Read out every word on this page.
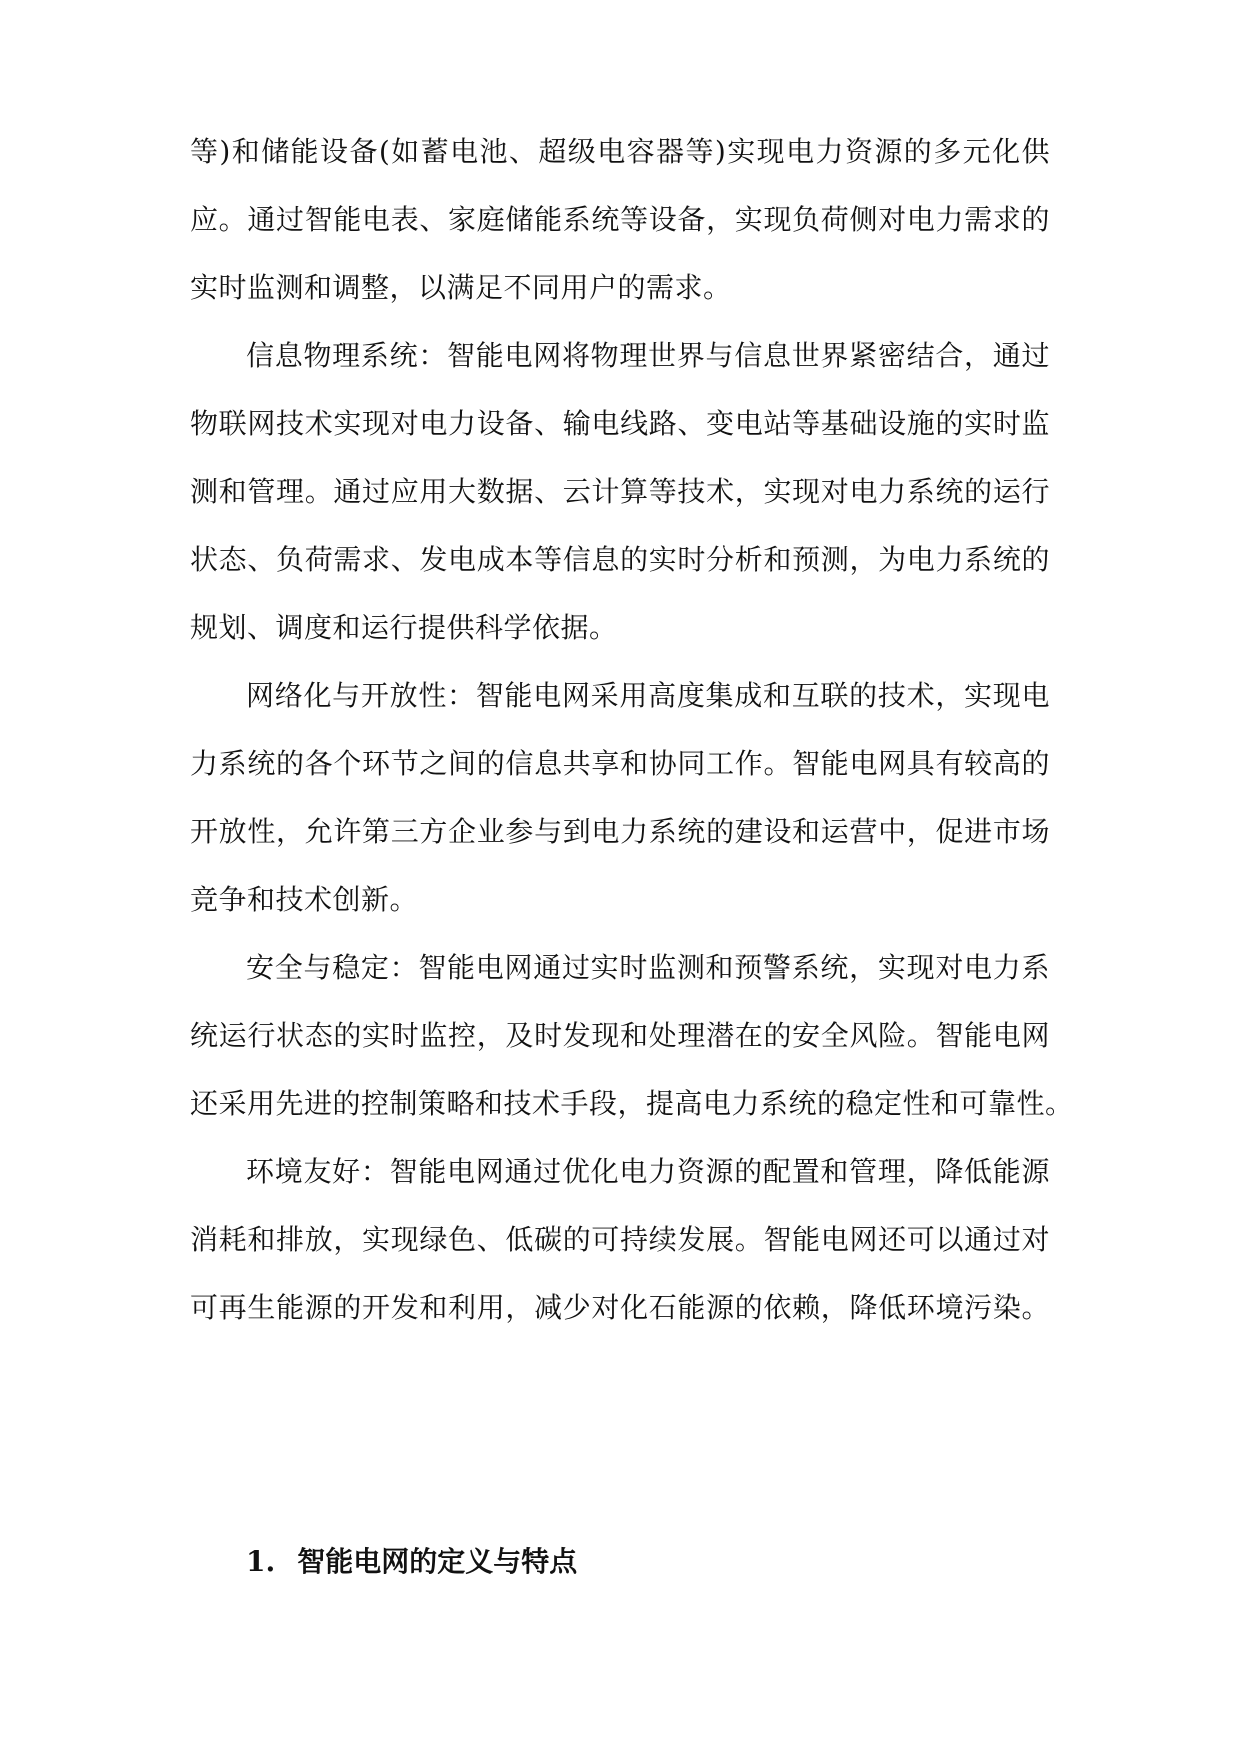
等)和储能设备(如蓄电池、超级电容器等)实现电力资源的多元化供
应。通过智能电表、家庭储能系统等设备，实现负荷侧对电力需求的
实时监测和调整，以满足不同用户的需求。
信息物理系统：智能电网将物理世界与信息世界紧密结合，通过
物联网技术实现对电力设备、输电线路、变电站等基础设施的实时监
测和管理。通过应用大数据、云计算等技术，实现对电力系统的运行
状态、负荷需求、发电成本等信息的实时分析和预测，为电力系统的
规划、调度和运行提供科学依据。
网络化与开放性：智能电网采用高度集成和互联的技术，实现电
力系统的各个环节之间的信息共享和协同工作。智能电网具有较高的
开放性，允许第三方企业参与到电力系统的建设和运营中，促进市场
竞争和技术创新。
安全与稳定：智能电网通过实时监测和预警系统，实现对电力系
统运行状态的实时监控，及时发现和处理潜在的安全风险。智能电网
还采用先进的控制策略和技术手段，提高电力系统的稳定性和可靠性。
环境友好：智能电网通过优化电力资源的配置和管理，降低能源
消耗和排放，实现绿色、低碳的可持续发展。智能电网还可以通过对
可再生能源的开发和利用，减少对化石能源的依赖，降低环境污染。
1. 智能电网的定义与特点
